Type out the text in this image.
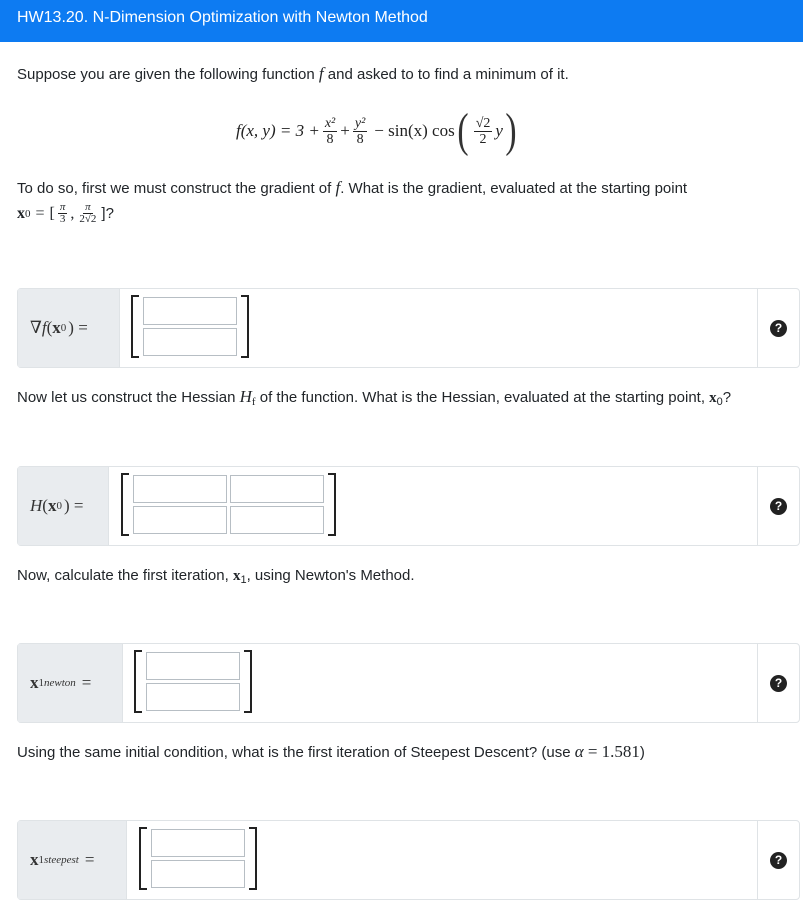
HW13.20. N-Dimension Optimization with Newton Method
Suppose you are given the following function f and asked to to find a minimum of it.
f(x, $y) = 3 + \frac{\text{x²}}{8} + \frac{\text{y²}}{8} - \sin(x)$ cos ( $\frac{√2}{2}$ y )
To do so, first we must construct the gradient of f. What is the gradient, evaluated at the starting point
x 0 = [ $\frac{\pi}{3}$ , $\frac{\pi}{2√2}$ ]?
∇ f ( x 0 ) =	?
Now let us construct the Hessian $H_f$ of the function. What is the Hessian, evaluated at the starting point, $x_0$?
H ( x 0 ) =	?
Now, calculate the first iteration, $x_1$, using Newton's Method.
x 1 newton =	?
Using the same initial condition, what is the first iteration of Steepest Descent? (use α = 1.581)
x 1 steepest =	?
